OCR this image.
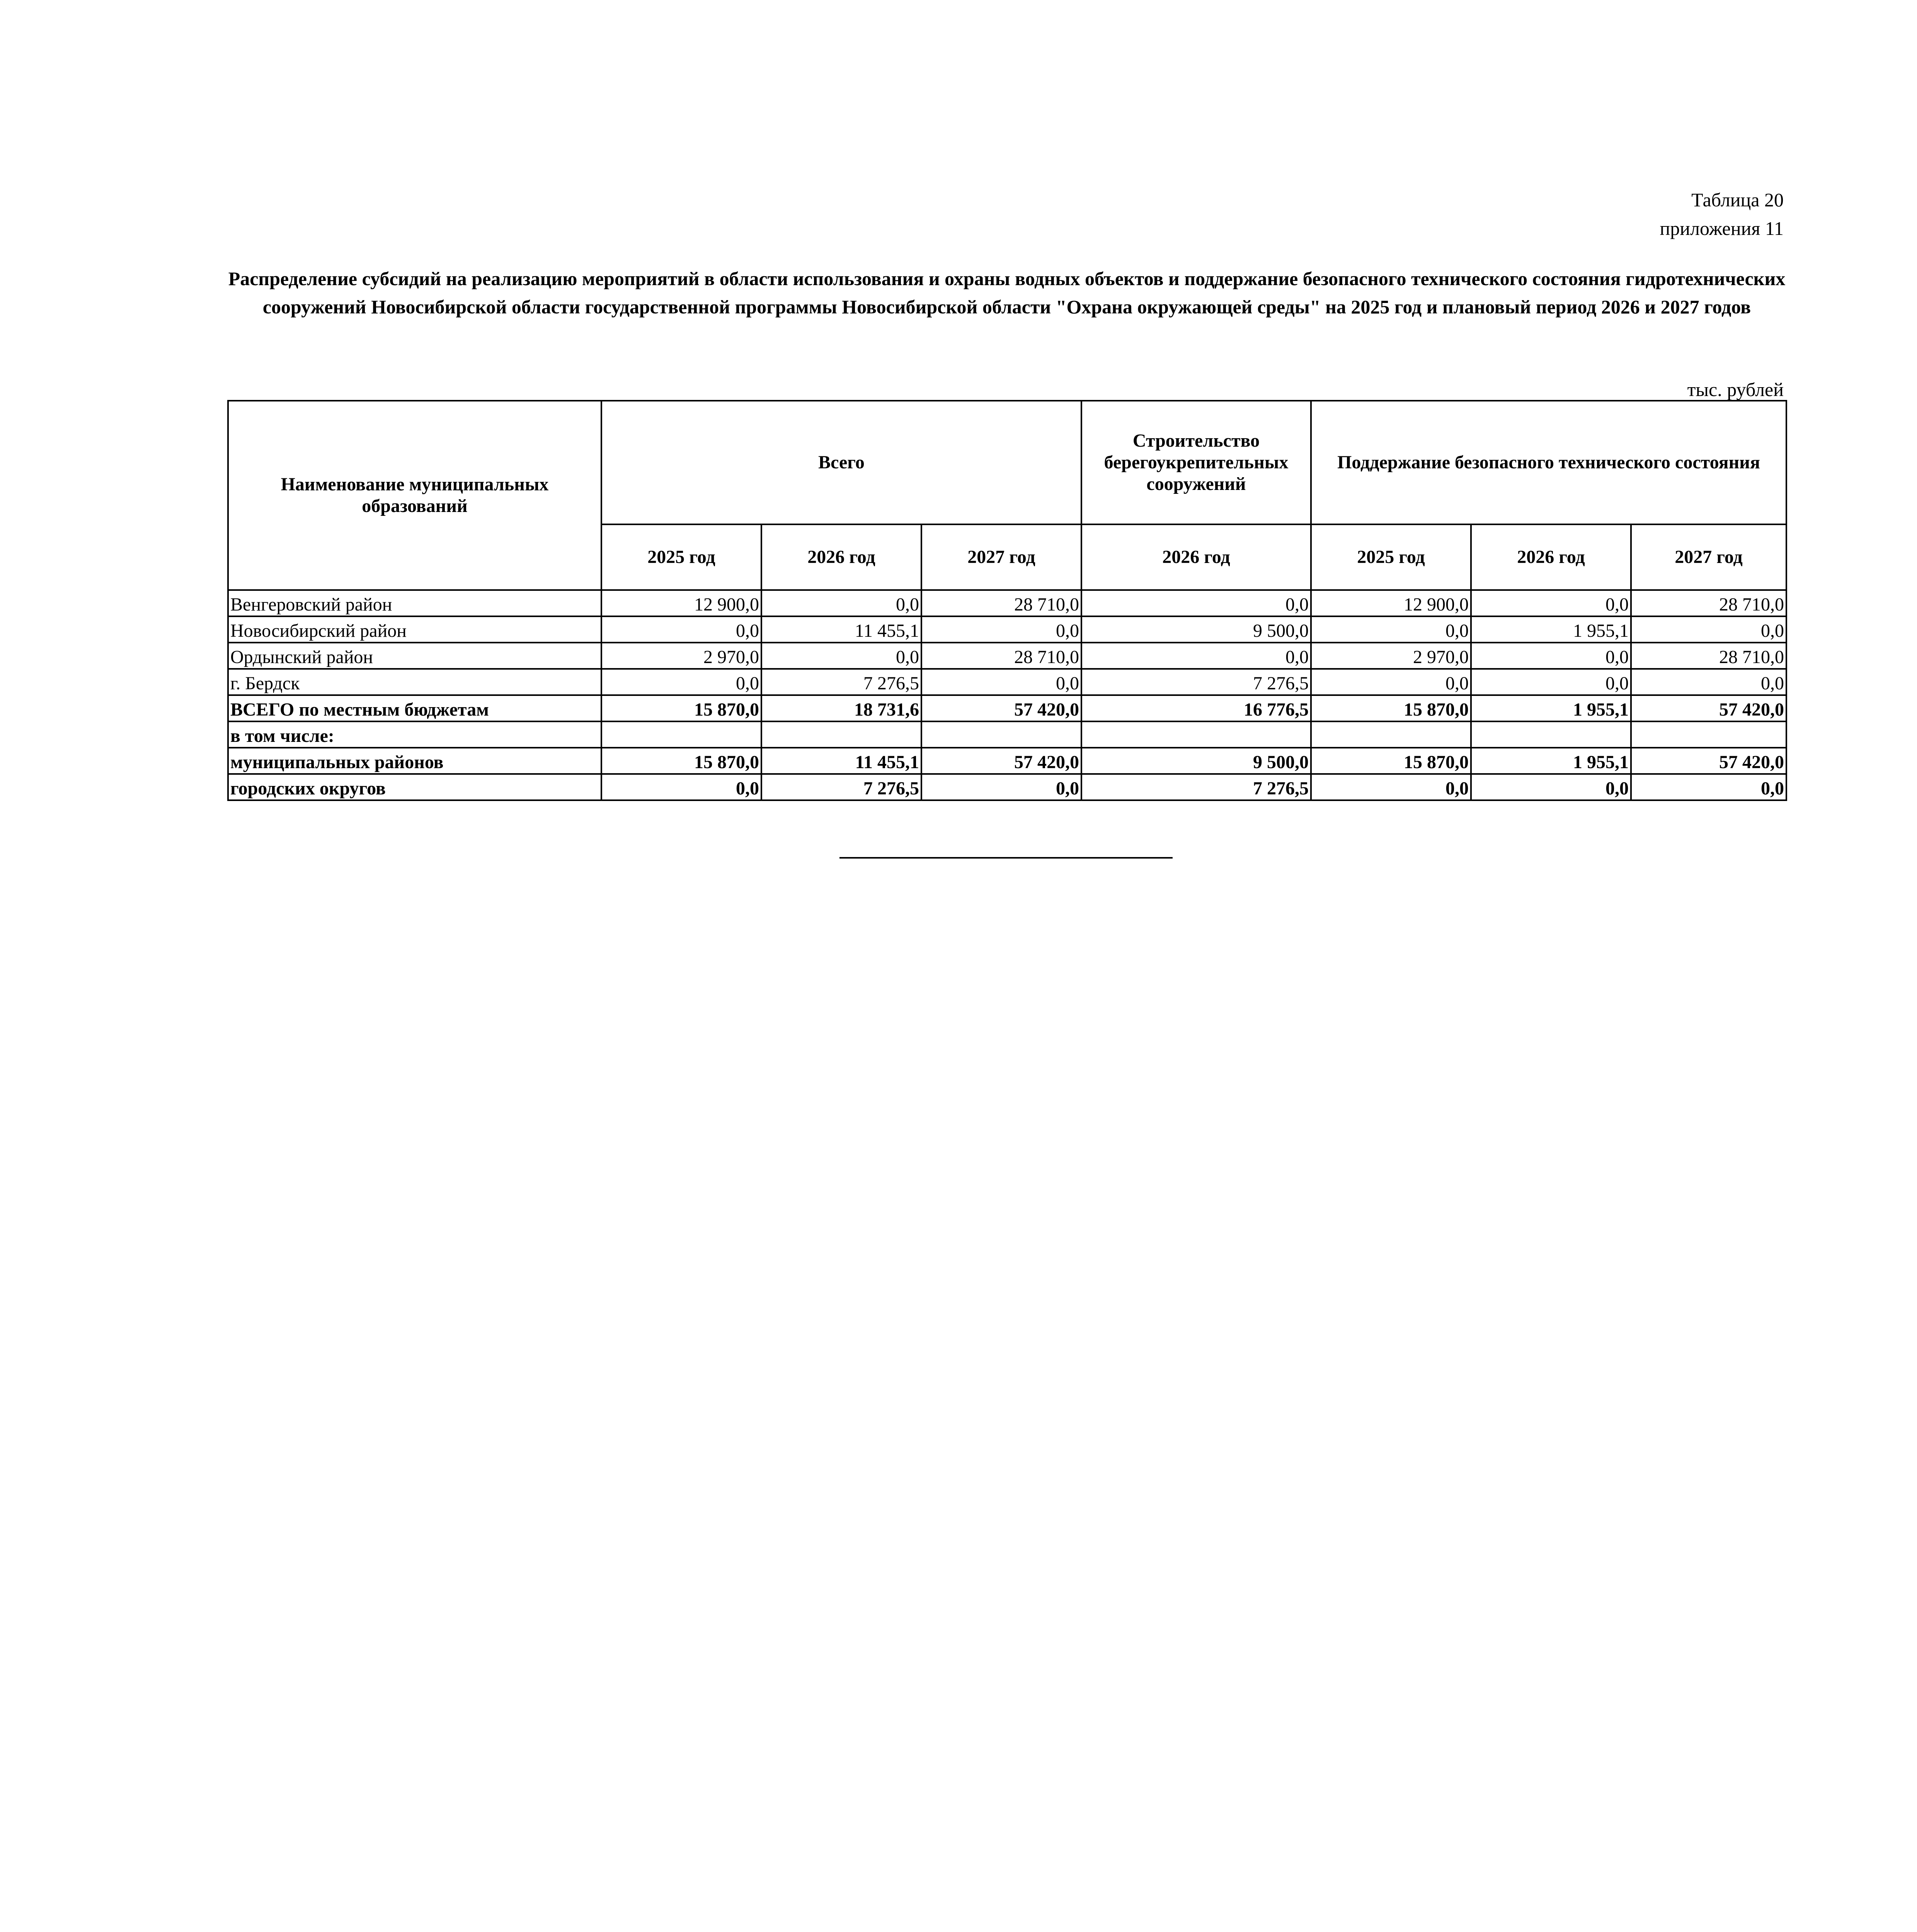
Таблица 20
приложения 11
Распределение субсидий на реализацию мероприятий в области использования и охраны водных объектов и поддержание безопасного технического состояния гидротехнических сооружений Новосибирской области государственной программы Новосибирской области "Охрана окружающей среды" на 2025 год и плановый период 2026 и 2027 годов
тыс. рублей
Наименование муниципальных образований	Всего			Строительство берегоукрепительных сооружений	Поддержание безопасного технического состояния		
	2025 год	2026 год	2027 год	2026 год	2025 год	2026 год	2027 год
Венгеровский район	12 900,0	0,0	28 710,0	0,0	12 900,0	0,0	28 710,0
Новосибирский район	0,0	11 455,1	0,0	9 500,0	0,0	1 955,1	0,0
Ордынский район	2 970,0	0,0	28 710,0	0,0	2 970,0	0,0	28 710,0
г. Бердск	0,0	7 276,5	0,0	7 276,5	0,0	0,0	0,0
ВСЕГО по местным бюджетам	15 870,0	18 731,6	57 420,0	16 776,5	15 870,0	1 955,1	57 420,0
в том числе:							
муниципальных районов	15 870,0	11 455,1	57 420,0	9 500,0	15 870,0	1 955,1	57 420,0
городских округов	0,0	7 276,5	0,0	7 276,5	0,0	0,0	0,0
